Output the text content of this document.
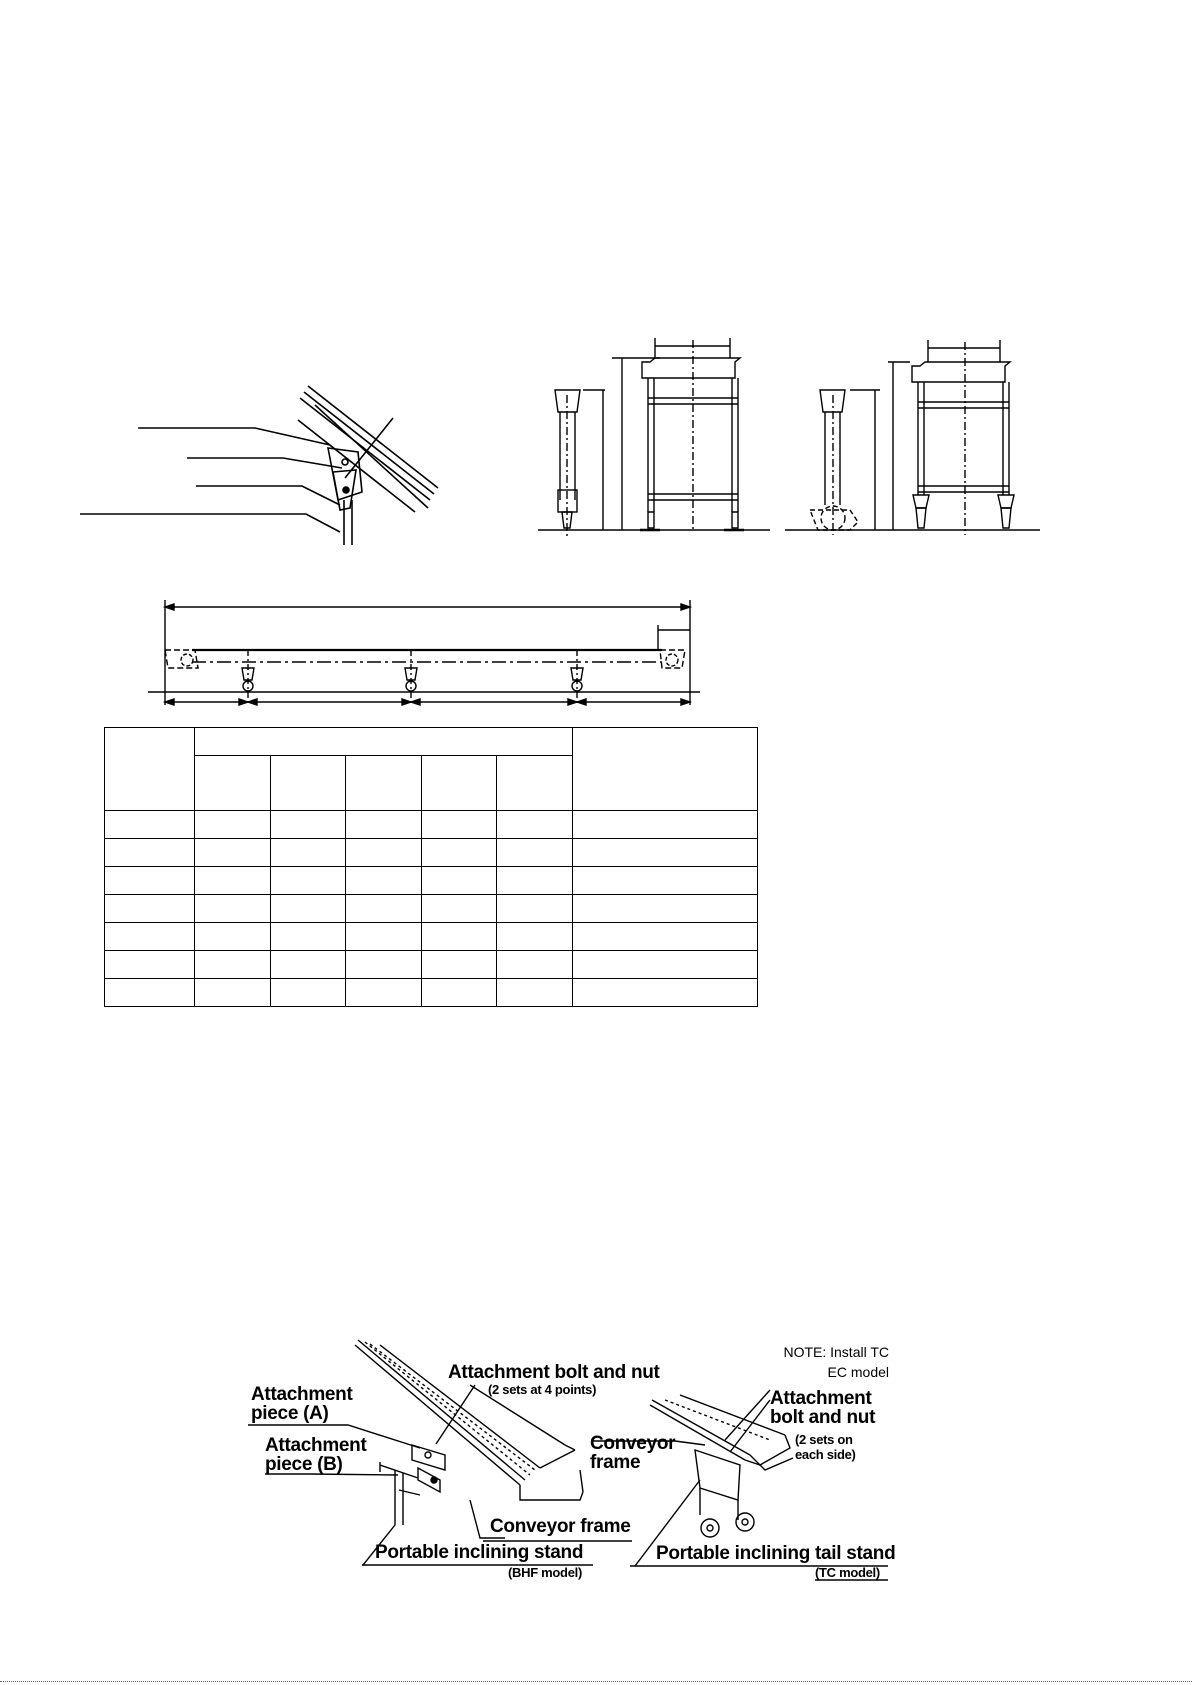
Attachment bolt and nut
(2 sets at 4 points)
Attachment
piece (A)
Attachment
piece (B)
Conveyor frame
Portable inclining stand
(BHF model)
NOTE: Install TC
EC model
Attachment
bolt and nut
(2 sets on
each side)
Conveyor
frame
Portable inclining tail stand
(TC model)
